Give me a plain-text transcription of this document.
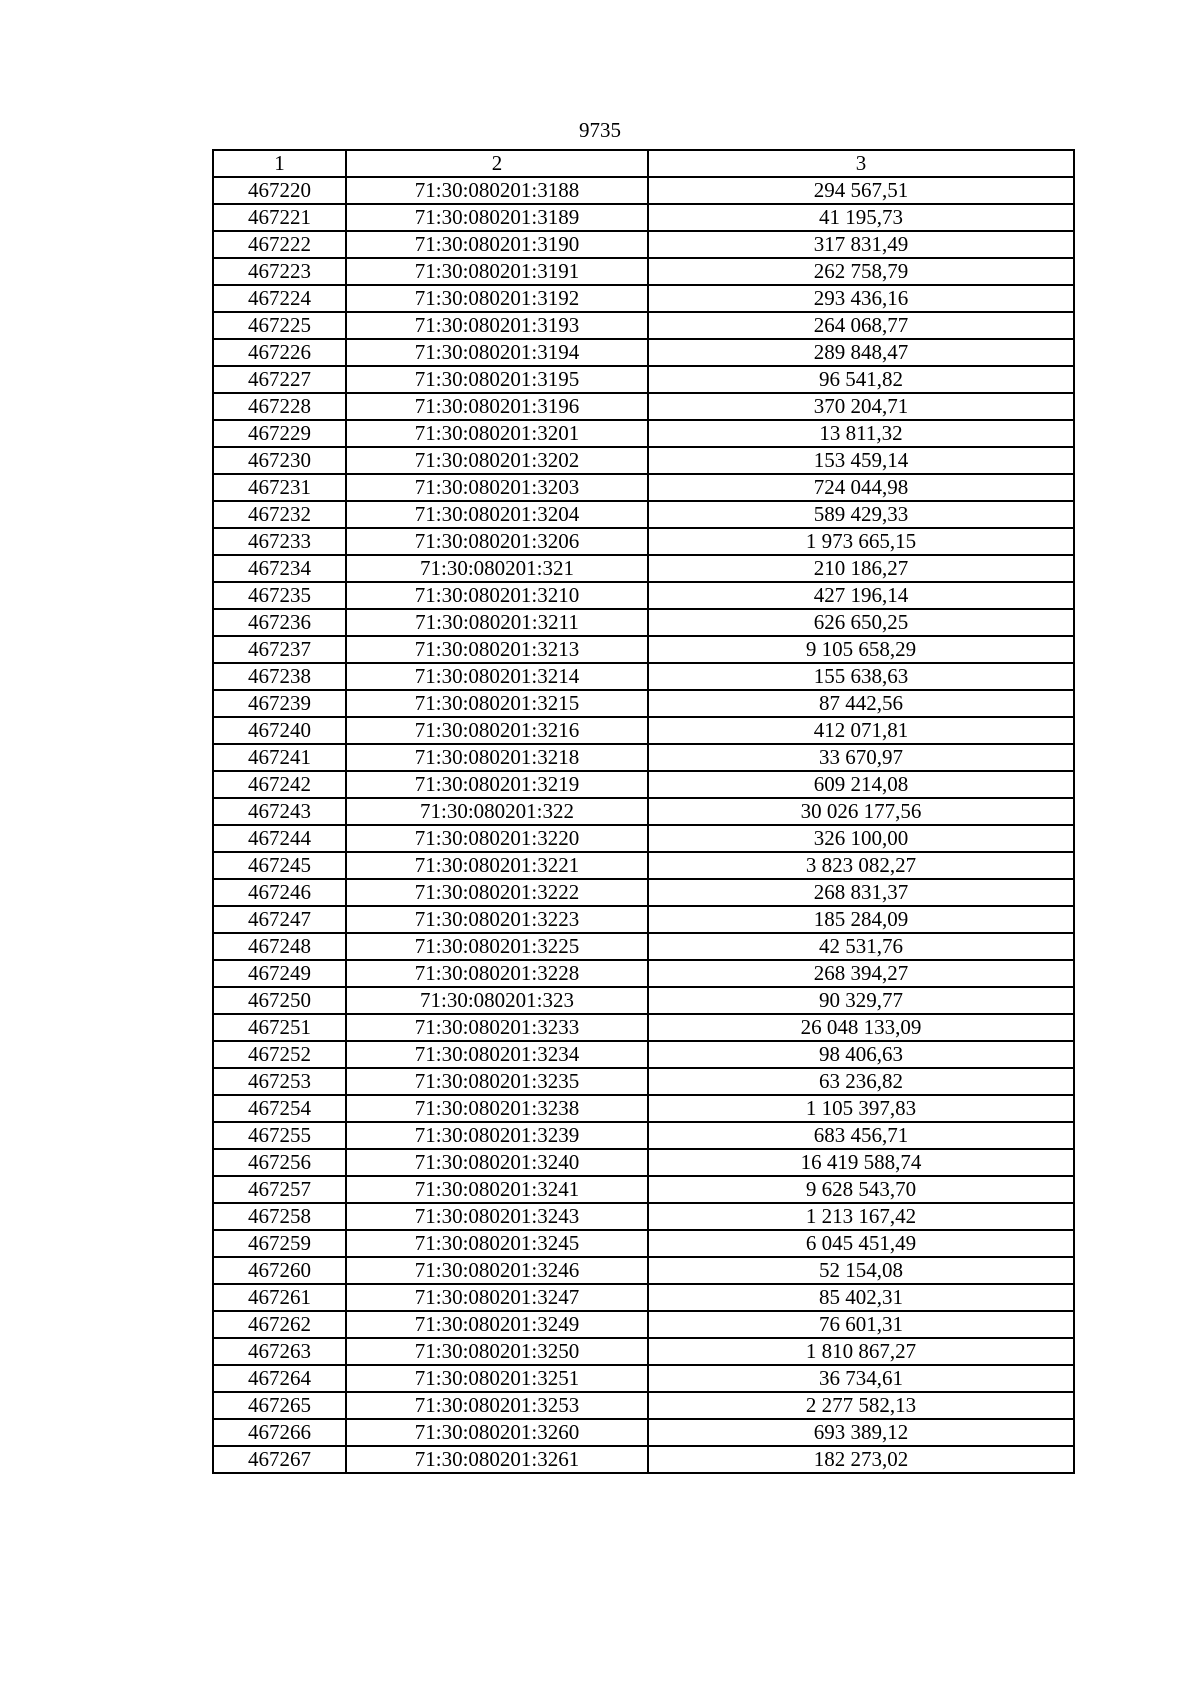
9735
1	2	3
467220	71:30:080201:3188	294 567,51
467221	71:30:080201:3189	41 195,73
467222	71:30:080201:3190	317 831,49
467223	71:30:080201:3191	262 758,79
467224	71:30:080201:3192	293 436,16
467225	71:30:080201:3193	264 068,77
467226	71:30:080201:3194	289 848,47
467227	71:30:080201:3195	96 541,82
467228	71:30:080201:3196	370 204,71
467229	71:30:080201:3201	13 811,32
467230	71:30:080201:3202	153 459,14
467231	71:30:080201:3203	724 044,98
467232	71:30:080201:3204	589 429,33
467233	71:30:080201:3206	1 973 665,15
467234	71:30:080201:321	210 186,27
467235	71:30:080201:3210	427 196,14
467236	71:30:080201:3211	626 650,25
467237	71:30:080201:3213	9 105 658,29
467238	71:30:080201:3214	155 638,63
467239	71:30:080201:3215	87 442,56
467240	71:30:080201:3216	412 071,81
467241	71:30:080201:3218	33 670,97
467242	71:30:080201:3219	609 214,08
467243	71:30:080201:322	30 026 177,56
467244	71:30:080201:3220	326 100,00
467245	71:30:080201:3221	3 823 082,27
467246	71:30:080201:3222	268 831,37
467247	71:30:080201:3223	185 284,09
467248	71:30:080201:3225	42 531,76
467249	71:30:080201:3228	268 394,27
467250	71:30:080201:323	90 329,77
467251	71:30:080201:3233	26 048 133,09
467252	71:30:080201:3234	98 406,63
467253	71:30:080201:3235	63 236,82
467254	71:30:080201:3238	1 105 397,83
467255	71:30:080201:3239	683 456,71
467256	71:30:080201:3240	16 419 588,74
467257	71:30:080201:3241	9 628 543,70
467258	71:30:080201:3243	1 213 167,42
467259	71:30:080201:3245	6 045 451,49
467260	71:30:080201:3246	52 154,08
467261	71:30:080201:3247	85 402,31
467262	71:30:080201:3249	76 601,31
467263	71:30:080201:3250	1 810 867,27
467264	71:30:080201:3251	36 734,61
467265	71:30:080201:3253	2 277 582,13
467266	71:30:080201:3260	693 389,12
467267	71:30:080201:3261	182 273,02
